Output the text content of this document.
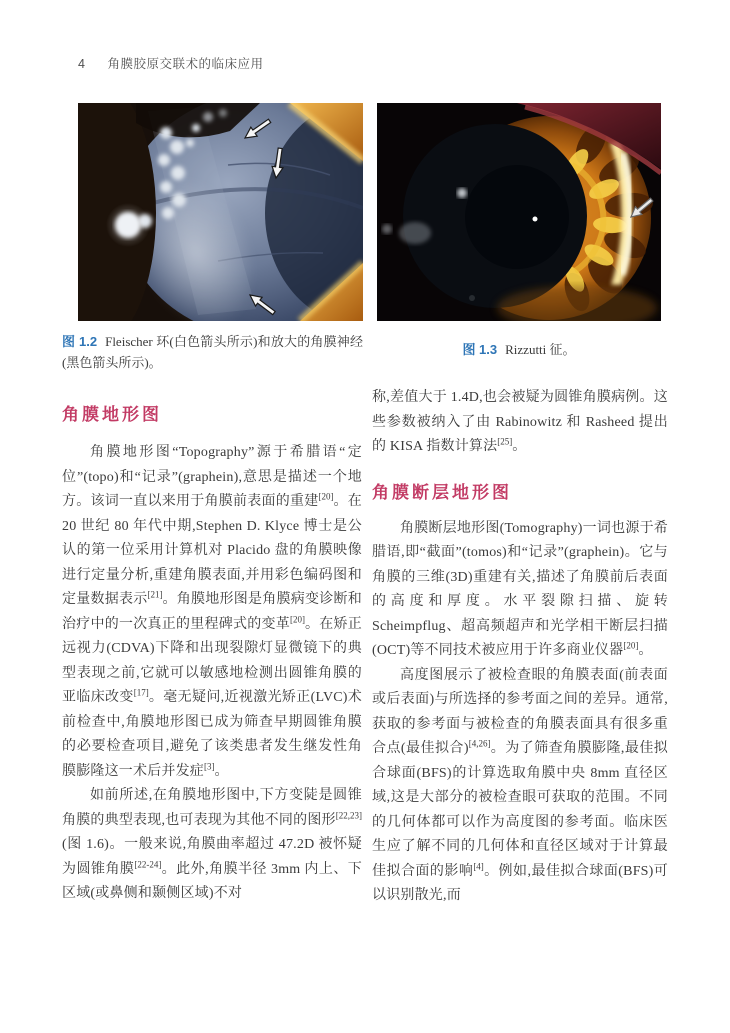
4 角膜胶原交联术的临床应用

图 1.2 Fleischer 环(白色箭头所示)和放大的角膜神经(黑色箭头所示)。

图 1.3 Rizzutti 征。

角膜地形图

角膜地形图“Topography”源于希腊语“定位”(topo)和“记录”(graphein),意思是描述一个地方。该词一直以来用于角膜前表面的重建[20]。在 20 世纪 80 年代中期,Stephen D. Klyce 博士是公认的第一位采用计算机对 Placido 盘的角膜映像进行定量分析,重建角膜表面,并用彩色编码图和定量数据表示[21]。角膜地形图是角膜病变诊断和治疗中的一次真正的里程碑式的变革[20]。在矫正远视力(CDVA)下降和出现裂隙灯显微镜下的典型表现之前,它就可以敏感地检测出圆锥角膜的亚临床改变[17]。毫无疑问,近视激光矫正(LVC)术前检查中,角膜地形图已成为筛查早期圆锥角膜的必要检查项目,避免了该类患者发生继发性角膜膨隆这一术后并发症[3]。

如前所述,在角膜地形图中,下方变陡是圆锥角膜的典型表现,也可表现为其他不同的图形[22,23](图 1.6)。一般来说,角膜曲率超过 47.2D 被怀疑为圆锥角膜[22-24]。此外,角膜半径 3mm 内上、下区域(或鼻侧和颞侧区域)不对

称,差值大于 1.4D,也会被疑为圆锥角膜病例。这些参数被纳入了由 Rabinowitz 和 Rasheed 提出的 KISA 指数计算法[25]。

角膜断层地形图

角膜断层地形图(Tomography)一词也源于希腊语,即“截面”(tomos)和“记录”(graphein)。它与角膜的三维(3D)重建有关,描述了角膜前后表面的高度和厚度。水平裂隙扫描、旋转 Scheimpflug、超高频超声和光学相干断层扫描(OCT)等不同技术被应用于许多商业仪器[20]。

高度图展示了被检查眼的角膜表面(前表面或后表面)与所选择的参考面之间的差异。通常,获取的参考面与被检查的角膜表面具有很多重合点(最佳拟合)[4,26]。为了筛查角膜膨隆,最佳拟合球面(BFS)的计算选取角膜中央 8mm 直径区域,这是大部分的被检查眼可获取的范围。不同的几何体都可以作为高度图的参考面。临床医生应了解不同的几何体和直径区域对于计算最佳拟合面的影响[4]。例如,最佳拟合球面(BFS)可以识别散光,而
